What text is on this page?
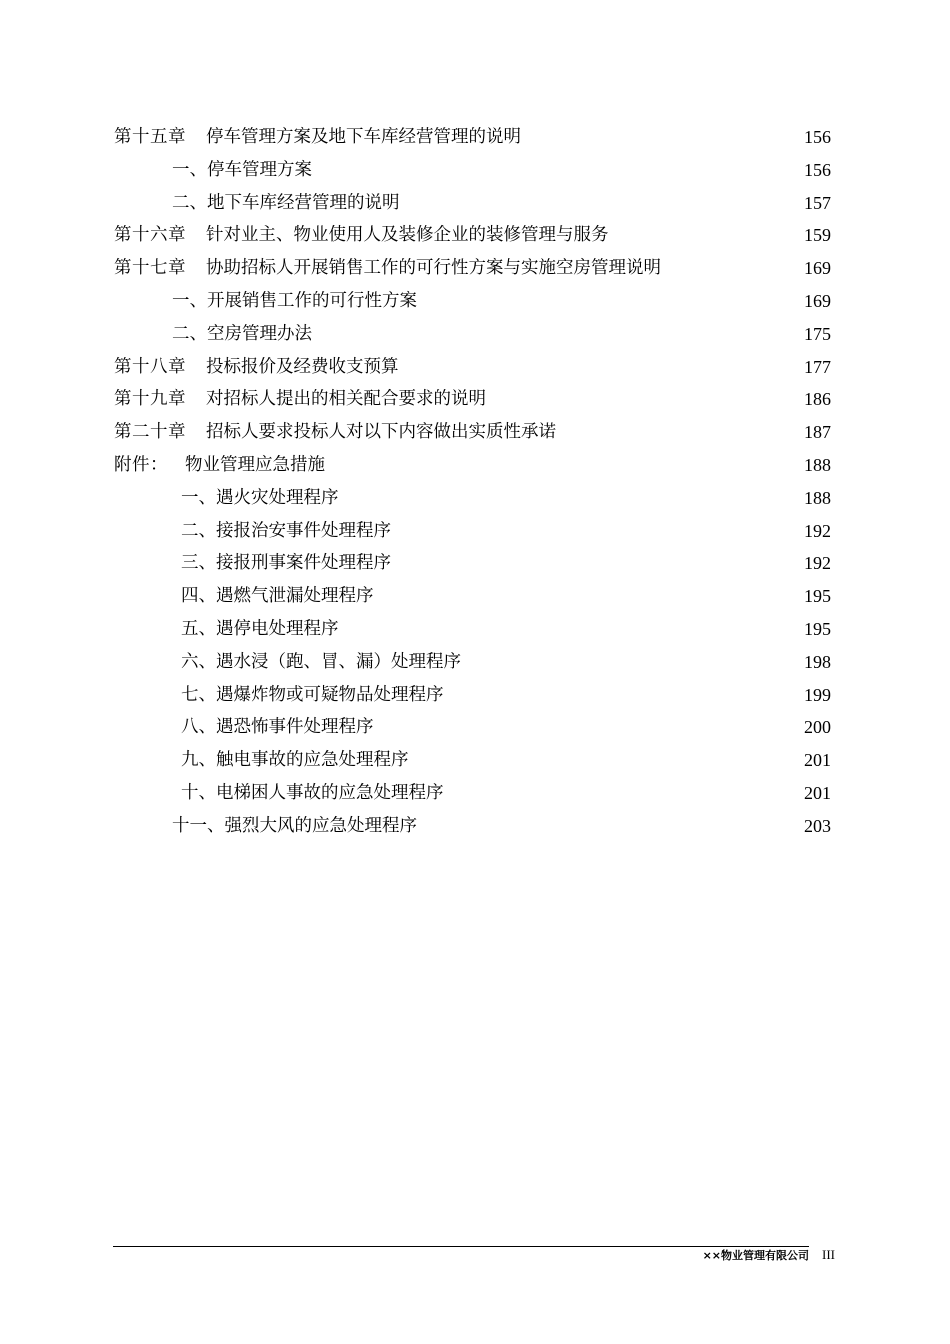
第十五章 停车管理方案及地下车库经营管理的说明	156
一、停车管理方案	156
二、地下车库经营管理的说明	157
第十六章 针对业主、物业使用人及装修企业的装修管理与服务	159
第十七章 协助招标人开展销售工作的可行性方案与实施空房管理说明	169
一、开展销售工作的可行性方案	169
二、空房管理办法	175
第十八章 投标报价及经费收支预算	177
第十九章 对招标人提出的相关配合要求的说明	186
第二十章 招标人要求投标人对以下内容做出实质性承诺	187
附件： 物业管理应急措施	188
一、遇火灾处理程序	188
二、接报治安事件处理程序	192
三、接报刑事案件处理程序	192
四、遇燃气泄漏处理程序	195
五、遇停电处理程序	195
六、遇水浸（跑、冒、漏）处理程序	198
七、遇爆炸物或可疑物品处理程序	199
八、遇恐怖事件处理程序	200
九、触电事故的应急处理程序	201
十、电梯困人事故的应急处理程序	201
十一、强烈大风的应急处理程序	203
××物业管理有限公司 III
